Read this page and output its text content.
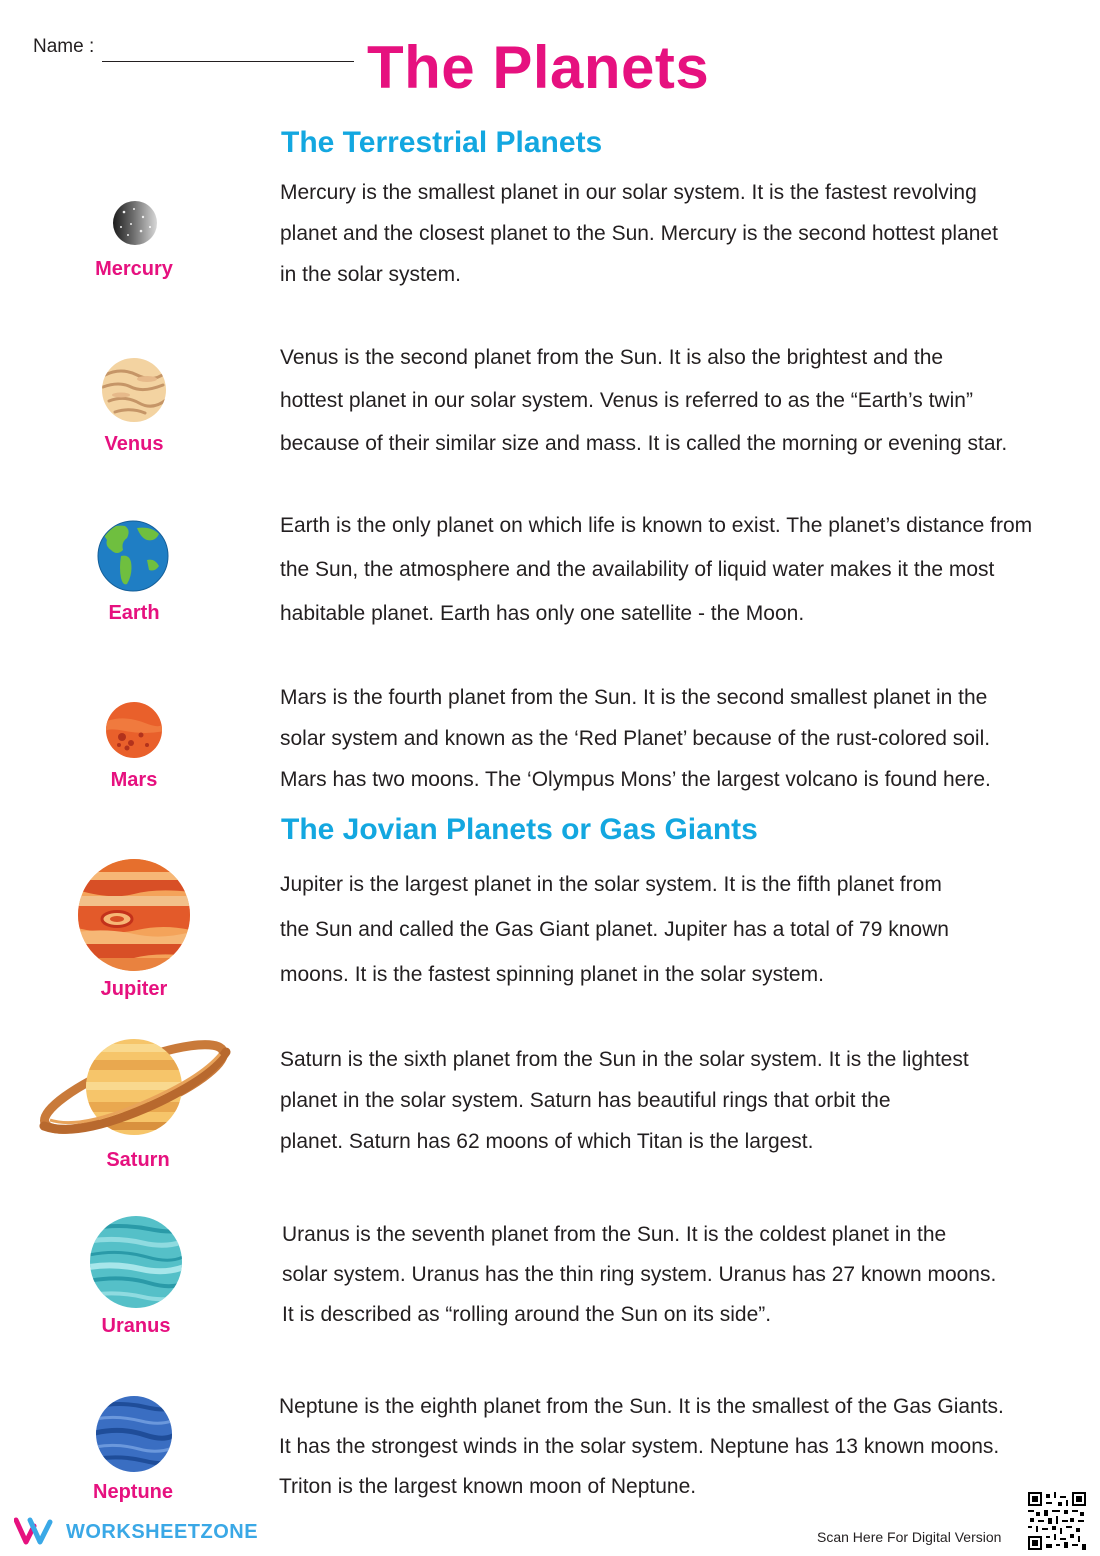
Name :	The Planets
The Terrestrial Planets
The Jovian Planets or Gas Giants
Mercury
Mercury is the smallest planet in our solar system. It is the fastest revolving
planet and the closest planet to the Sun. Mercury is the second hottest planet
in the solar system.
Venus
Venus is the second planet from the Sun. It is also the brightest and the
hottest planet in our solar system. Venus is referred to as the “Earth’s twin”
because of their similar size and mass. It is called the morning or evening star.
Earth
Earth is the only planet on which life is known to exist. The planet’s distance from
the Sun, the atmosphere and the availability of liquid water makes it the most
habitable planet. Earth has only one satellite - the Moon.
Mars
Mars is the fourth planet from the Sun. It is the second smallest planet in the
solar system and known as the ‘Red Planet’ because of the rust-colored soil.
Mars has two moons. The ‘Olympus Mons’ the largest volcano is found here.
Jupiter
Jupiter is the largest planet in the solar system. It is the fifth planet from
the Sun and called the Gas Giant planet. Jupiter has a total of 79 known
moons. It is the fastest spinning planet in the solar system.
Saturn
Saturn is the sixth planet from the Sun in the solar system. It is the lightest
planet in the solar system. Saturn has beautiful rings that orbit the
planet. Saturn has 62 moons of which Titan is the largest.
Uranus
Uranus is the seventh planet from the Sun. It is the coldest planet in the
solar system. Uranus has the thin ring system. Uranus has 27 known moons.
It is described as “rolling around the Sun on its side”.
Neptune
Neptune is the eighth planet from the Sun. It is the smallest of the Gas Giants.
It has the strongest winds in the solar system. Neptune has 13 known moons.
Triton is the largest known moon of Neptune.
WORKSHEETZONE	Scan Here For Digital Version
